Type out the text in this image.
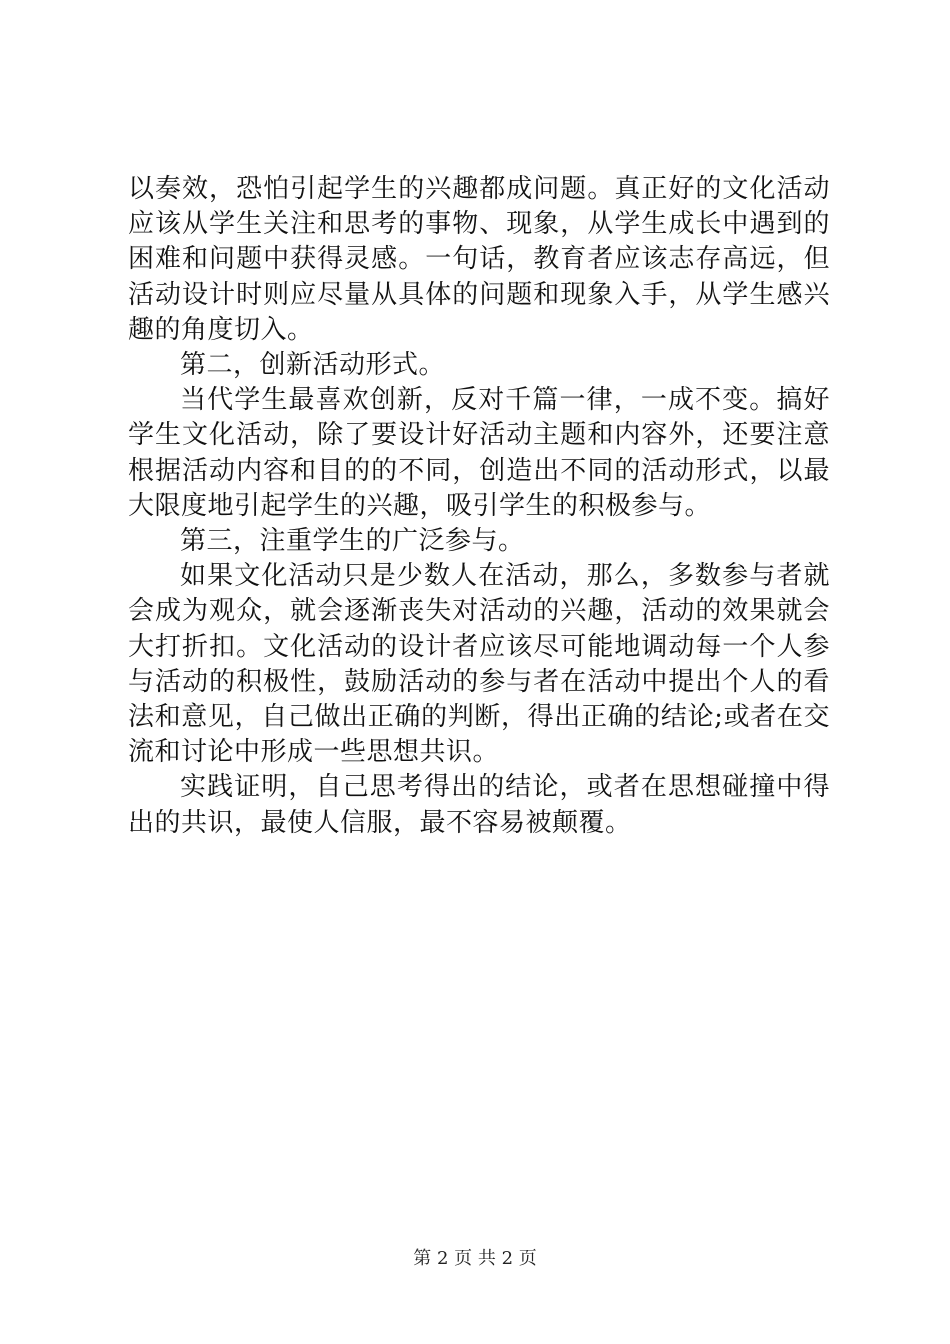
以奏效，恐怕引起学生的兴趣都成问题。真正好的文化活动应该从学生关注和思考的事物、现象，从学生成长中遇到的困难和问题中获得灵感。一句话，教育者应该志存高远，但活动设计时则应尽量从具体的问题和现象入手，从学生感兴趣的角度切入。

第二，创新活动形式。

当代学生最喜欢创新，反对千篇一律，一成不变。搞好学生文化活动，除了要设计好活动主题和内容外，还要注意根据活动内容和目的的不同，创造出不同的活动形式，以最大限度地引起学生的兴趣，吸引学生的积极参与。

第三，注重学生的广泛参与。

如果文化活动只是少数人在活动，那么，多数参与者就会成为观众，就会逐渐丧失对活动的兴趣，活动的效果就会大打折扣。文化活动的设计者应该尽可能地调动每一个人参与活动的积极性，鼓励活动的参与者在活动中提出个人的看法和意见，自己做出正确的判断，得出正确的结论;或者在交流和讨论中形成一些思想共识。

实践证明，自己思考得出的结论，或者在思想碰撞中得出的共识，最使人信服，最不容易被颠覆。

第 2 页 共 2 页
